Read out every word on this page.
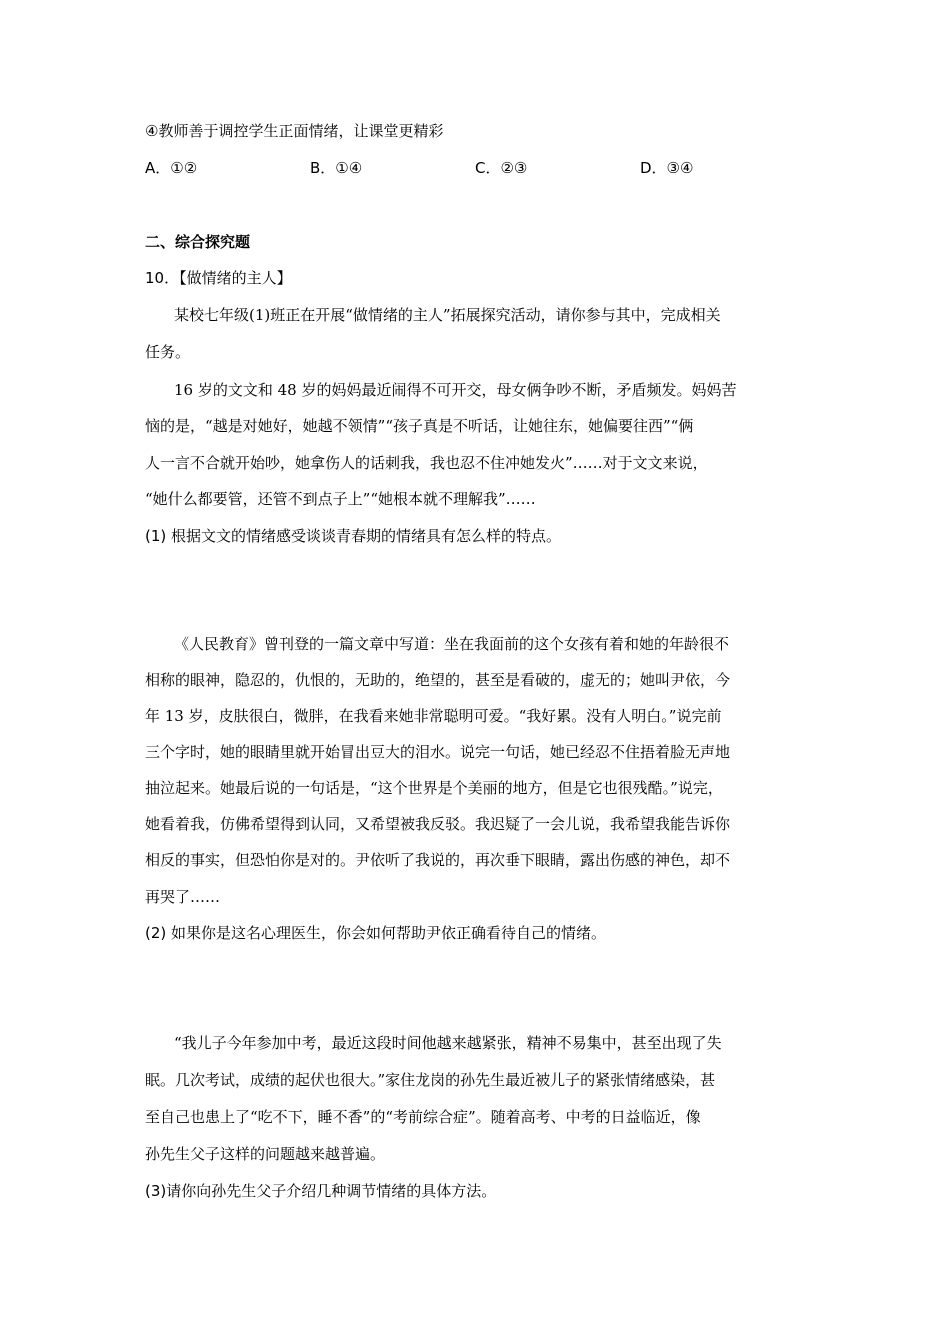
④教师善于调控学生正面情绪，让课堂更精彩
A．①②	B．①④	C．②③	D．③④
二、综合探究题
10．【做情绪的主人】
某校七年级(1)班正在开展“做情绪的主人”拓展探究活动，请你参与其中，完成相关
任务。
16 岁的文文和 48 岁的妈妈最近闹得不可开交，母女俩争吵不断，矛盾频发。妈妈苦
恼的是，“越是对她好，她越不领情”“孩子真是不听话，让她往东，她偏要往西”“俩
人一言不合就开始吵，她拿伤人的话刺我，我也忍不住冲她发火”……对于文文来说，
“她什么都要管，还管不到点子上”“她根本就不理解我”……
(1) 根据文文的情绪感受谈谈青春期的情绪具有怎么样的特点。
《人民教育》曾刊登的一篇文章中写道：坐在我面前的这个女孩有着和她的年龄很不
相称的眼神，隐忍的，仇恨的，无助的，绝望的，甚至是看破的，虚无的；她叫尹依，今
年 13 岁，皮肤很白，微胖，在我看来她非常聪明可爱。“我好累。没有人明白。”说完前
三个字时，她的眼睛里就开始冒出豆大的泪水。说完一句话，她已经忍不住捂着脸无声地
抽泣起来。她最后说的一句话是，“这个世界是个美丽的地方，但是它也很残酷。”说完，
她看着我，仿佛希望得到认同，又希望被我反驳。我迟疑了一会儿说，我希望我能告诉你
相反的事实，但恐怕你是对的。尹依听了我说的，再次垂下眼睛，露出伤感的神色，却不
再哭了……
(2) 如果你是这名心理医生，你会如何帮助尹依正确看待自己的情绪。
“我儿子今年参加中考，最近这段时间他越来越紧张，精神不易集中，甚至出现了失
眠。几次考试，成绩的起伏也很大。”家住龙岗的孙先生最近被儿子的紧张情绪感染，甚
至自己也患上了“吃不下，睡不香”的“考前综合症”。随着高考、中考的日益临近，像
孙先生父子这样的问题越来越普遍。
(3)请你向孙先生父子介绍几种调节情绪的具体方法。
